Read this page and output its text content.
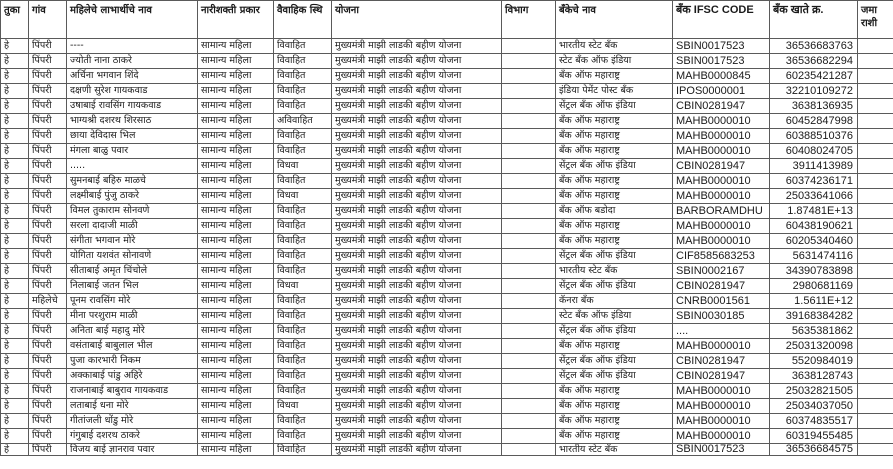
तुका	गांव	महिलेचे लाभार्थीचे नाव	नारीशक्ती प्रकार	वैवाहिक स्थि	योजना	विभाग	बँकेचे नाव	बँक IFSC CODE	बँक खाते क्र.	जमा राशी
हे	पिंपरी	----	सामान्य महिला	विवाहित	मुख्यमंत्री माझी लाडकी बहीण योजना		भारतीय स्टेट बँक	SBIN0017523	36536683763	
हे	पिंपरी	ज्योती नाना ठाकरे	सामान्य महिला	विवाहित	मुख्यमंत्री माझी लाडकी बहीण योजना		स्टेट बँक ऑफ इंडिया	SBIN0017523	36536682294	
हे	पिंपरी	अर्चिना भगवान शिंदे	सामान्य महिला	विवाहित	मुख्यमंत्री माझी लाडकी बहीण योजना		बँक ऑफ महाराष्ट्र	MAHB0000845	60235421287	
हे	पिंपरी	दक्षणी सुरेश गायकवाड	सामान्य महिला	विवाहित	मुख्यमंत्री माझी लाडकी बहीण योजना		इंडिया पेमेंट पोस्ट बँक	IPOS0000001	32210109272	
हे	पिंपरी	उषाबाई रावसिंग गायकवाड	सामान्य महिला	विवाहित	मुख्यमंत्री माझी लाडकी बहीण योजना		सेंट्रल बँक ऑफ इंडिया	CBIN0281947	3638136935	
हे	पिंपरी	भाग्यश्री दशरथ शिरसाठ	सामान्य महिला	अविवाहित	मुख्यमंत्री माझी लाडकी बहीण योजना		बँक ऑफ महाराष्ट्र	MAHB0000010	60452847998	
हे	पिंपरी	छाया देविदास भिल	सामान्य महिला	विवाहित	मुख्यमंत्री माझी लाडकी बहीण योजना		बँक ऑफ महाराष्ट्र	MAHB0000010	60388510376	
हे	पिंपरी	मंगला बाळु पवार	सामान्य महिला	विवाहित	मुख्यमंत्री माझी लाडकी बहीण योजना		बँक ऑफ महाराष्ट्र	MAHB0000010	60408024705	
हे	पिंपरी	.....	सामान्य महिला	विधवा	मुख्यमंत्री माझी लाडकी बहीण योजना		सेंट्रल बँक ऑफ इंडिया	CBIN0281947	3911413989	
हे	पिंपरी	सुमनबाई बहिरु माळचे	सामान्य महिला	विवाहित	मुख्यमंत्री माझी लाडकी बहीण योजना		बँक ऑफ महाराष्ट्र	MAHB0000010	60374236171	
हे	पिंपरी	लक्ष्मीबाई पुंजु ठाकरे	सामान्य महिला	विधवा	मुख्यमंत्री माझी लाडकी बहीण योजना		बँक ऑफ महाराष्ट्र	MAHB0000010	25033641066	
हे	पिंपरी	विमल तुकाराम सोनवणे	सामान्य महिला	विवाहित	मुख्यमंत्री माझी लाडकी बहीण योजना		बँक ऑफ बडोदा	BARBORAMDHU	1.87481E+13	
हे	पिंपरी	सरला दादाजी माळी	सामान्य महिला	विवाहित	मुख्यमंत्री माझी लाडकी बहीण योजना		बँक ऑफ महाराष्ट्र	MAHB0000010	60438190621	
हे	पिंपरी	संगीता भगवान मोरे	सामान्य महिला	विवाहित	मुख्यमंत्री माझी लाडकी बहीण योजना		बँक ऑफ महाराष्ट्र	MAHB0000010	60205340460	
हे	पिंपरी	योगिता यशवंत सोनावणे	सामान्य महिला	विवाहित	मुख्यमंत्री माझी लाडकी बहीण योजना		सेंट्रल बँक ऑफ इंडिया	CIF8585683253	5631474116	
हे	पिंपरी	सीताबाई अमृत चिंचोले	सामान्य महिला	विवाहित	मुख्यमंत्री माझी लाडकी बहीण योजना		भारतीय स्टेट बँक	SBIN0002167	34390783898	
हे	पिंपरी	निलाबाई जतन भिल	सामान्य महिला	विधवा	मुख्यमंत्री माझी लाडकी बहीण योजना		सेंट्रल बँक ऑफ इंडिया	CBIN0281947	2980681169	
हे	महिलेचे	पूनम रावसिंग मोरे	सामान्य महिला	विवाहित	मुख्यमंत्री माझी लाडकी बहीण योजना		कॅनरा बँक	CNRB0001561	1.5611E+12	
हे	पिंपरी	मीना परशुराम माळी	सामान्य महिला	विवाहित	मुख्यमंत्री माझी लाडकी बहीण योजना		स्टेट बँक ऑफ इंडिया	SBIN0030185	39168384282	
हे	पिंपरी	अनिता बाई महादु मोरे	सामान्य महिला	विवाहित	मुख्यमंत्री माझी लाडकी बहीण योजना		सेंट्रल बँक ऑफ इंडिया	....	5635381862	
हे	पिंपरी	वसंताबाई बाबुलाल भील	सामान्य महिला	विवाहित	मुख्यमंत्री माझी लाडकी बहीण योजना		बँक ऑफ महाराष्ट्र	MAHB0000010	25031320098	
हे	पिंपरी	पुजा कारभारी निकम	सामान्य महिला	विवाहित	मुख्यमंत्री माझी लाडकी बहीण योजना		सेंट्रल बँक ऑफ इंडिया	CBIN0281947	5520984019	
हे	पिंपरी	अक्काबाई पांडु अहिरे	सामान्य महिला	विवाहित	मुख्यमंत्री माझी लाडकी बहीण योजना		सेंट्रल बँक ऑफ इंडिया	CBIN0281947	3638128743	
हे	पिंपरी	राजनाबाई बाबुराव गायकवाड	सामान्य महिला	विवाहित	मुख्यमंत्री माझी लाडकी बहीण योजना		बँक ऑफ महाराष्ट्र	MAHB0000010	25032821505	
हे	पिंपरी	लताबाई धना मोरे	सामान्य महिला	विधवा	मुख्यमंत्री माझी लाडकी बहीण योजना		बँक ऑफ महाराष्ट्र	MAHB0000010	25034037050	
हे	पिंपरी	गीतांजली धोंडु मोरे	सामान्य महिला	विवाहित	मुख्यमंत्री माझी लाडकी बहीण योजना		बँक ऑफ महाराष्ट्र	MAHB0000010	60374835517	
हे	पिंपरी	गंगुबाई दशरथ ठाकरे	सामान्य महिला	विवाहित	मुख्यमंत्री माझी लाडकी बहीण योजना		बँक ऑफ महाराष्ट्र	MAHB0000010	60319455485	
हे	पिंपरी	विजय बाई ज्ञानराव पवार	सामान्य महिला	विवाहित	मुख्यमंत्री माझी लाडकी बहीण योजना		भारतीय स्टेट बँक	SBIN0017523	36536684575	
